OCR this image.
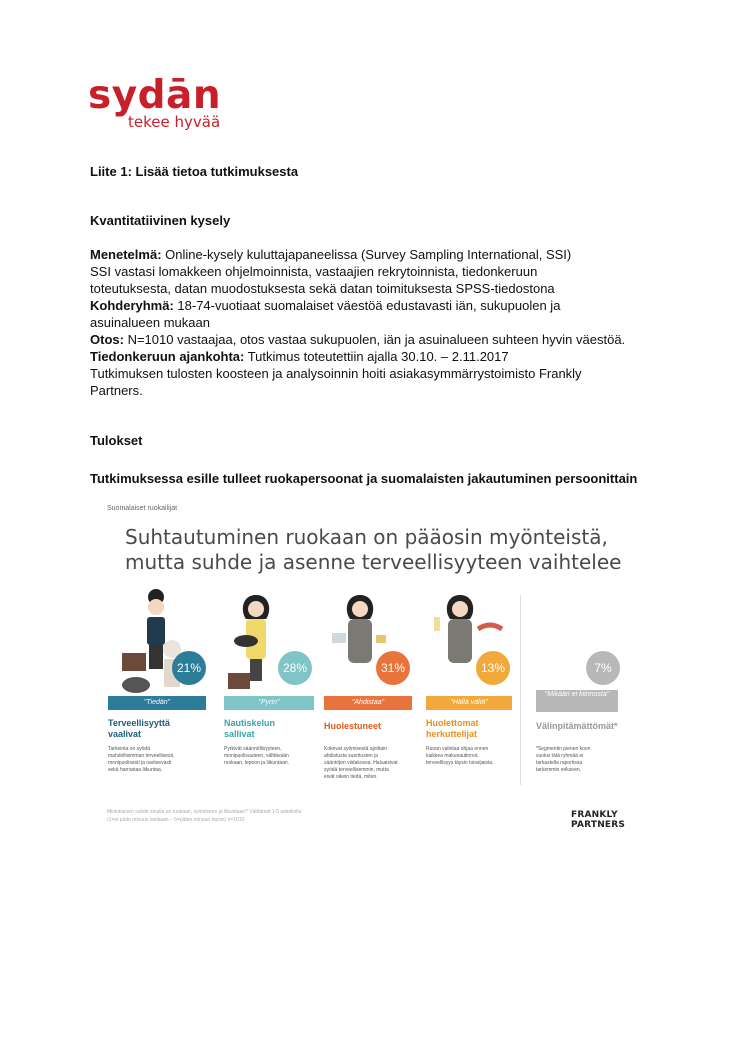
sydān
tekee hyvää
Liite 1: Lisää tietoa tutkimuksesta
Kvantitatiivinen kysely

Menetelmä: Online-kysely kuluttajapaneelissa (Survey Sampling International, SSI)

SSI vastasi lomakkeen ohjelmoinnista, vastaajien rekrytoinnista, tiedonkeruun

toteutuksesta, datan muodostuksesta sekä datan toimituksesta SPSS-tiedostona

Kohderyhmä: 18-74-vuotiaat suomalaiset väestöä edustavasti iän, sukupuolen ja

asuinalueen mukaan

Otos: N=1010 vastaajaa, otos vastaa sukupuolen, iän ja asuinalueen suhteen hyvin väestöä.

Tiedonkeruun ajankohta: Tutkimus toteutettiin ajalla 30.10. – 2.11.2017

Tutkimuksen tulosten koosteen ja analysoinnin hoiti asiakasymmärrystoimisto Frankly

Partners.

Tulokset
Tutkimuksessa esille tulleet ruokapersoonat ja suomalaisten jakautuminen persoonittain
Suomalaiset ruokailijat
Suhtautuminen ruokaan on pääosin myönteistä,
mutta suhde ja asenne terveellisyyteen vaihtelee
21%
"Tiedän"
Terveellisyyttä
vaalivat
Tarkeinta on syödä
mahdollisimman terveellisesti,
monipuolisesti ja ravitsevasti
sekä harrastaa liikuntaa.
28%
"Pyrin"
Nautiskelun
sallivat
Pyrkivät säännöllisyyteen,
monipuolisuuteen, välttävään
ruokaan, lepoon ja liikuntaan.
31%
"Ahdistaa"
Huolestuneet
Kokevat syömisestä ajoittain
ahdistusta suoritusten ja
sääntöjen viidakossa. Haluaisivat
syödä terveellisemmin, mutta
eivät oikein tiedä, miten.
13%
"Hällä väliä"
Huolettomat
herkuttelijat
Ruoan valintaa ohjaa ennen
kaikkea makunautinnot,
terveellisyys täysin toissijaista.
7%
"Mikään ei kiinnosta"
Välinpitämättömät*
*Segmentin pienen koon
vuoksi tätä ryhmää ei
tarkastella raportissa
tarkemmin erikseen.
Minkälainen suhde sinulla on ruokaan, syömiseen ja liikuntaan? Väittämät 1-5 asteikolla
(1=ei päde minuun lainkaan – 5=pätee minuun täysin) n=1010	FRANKLY PARTNERS
